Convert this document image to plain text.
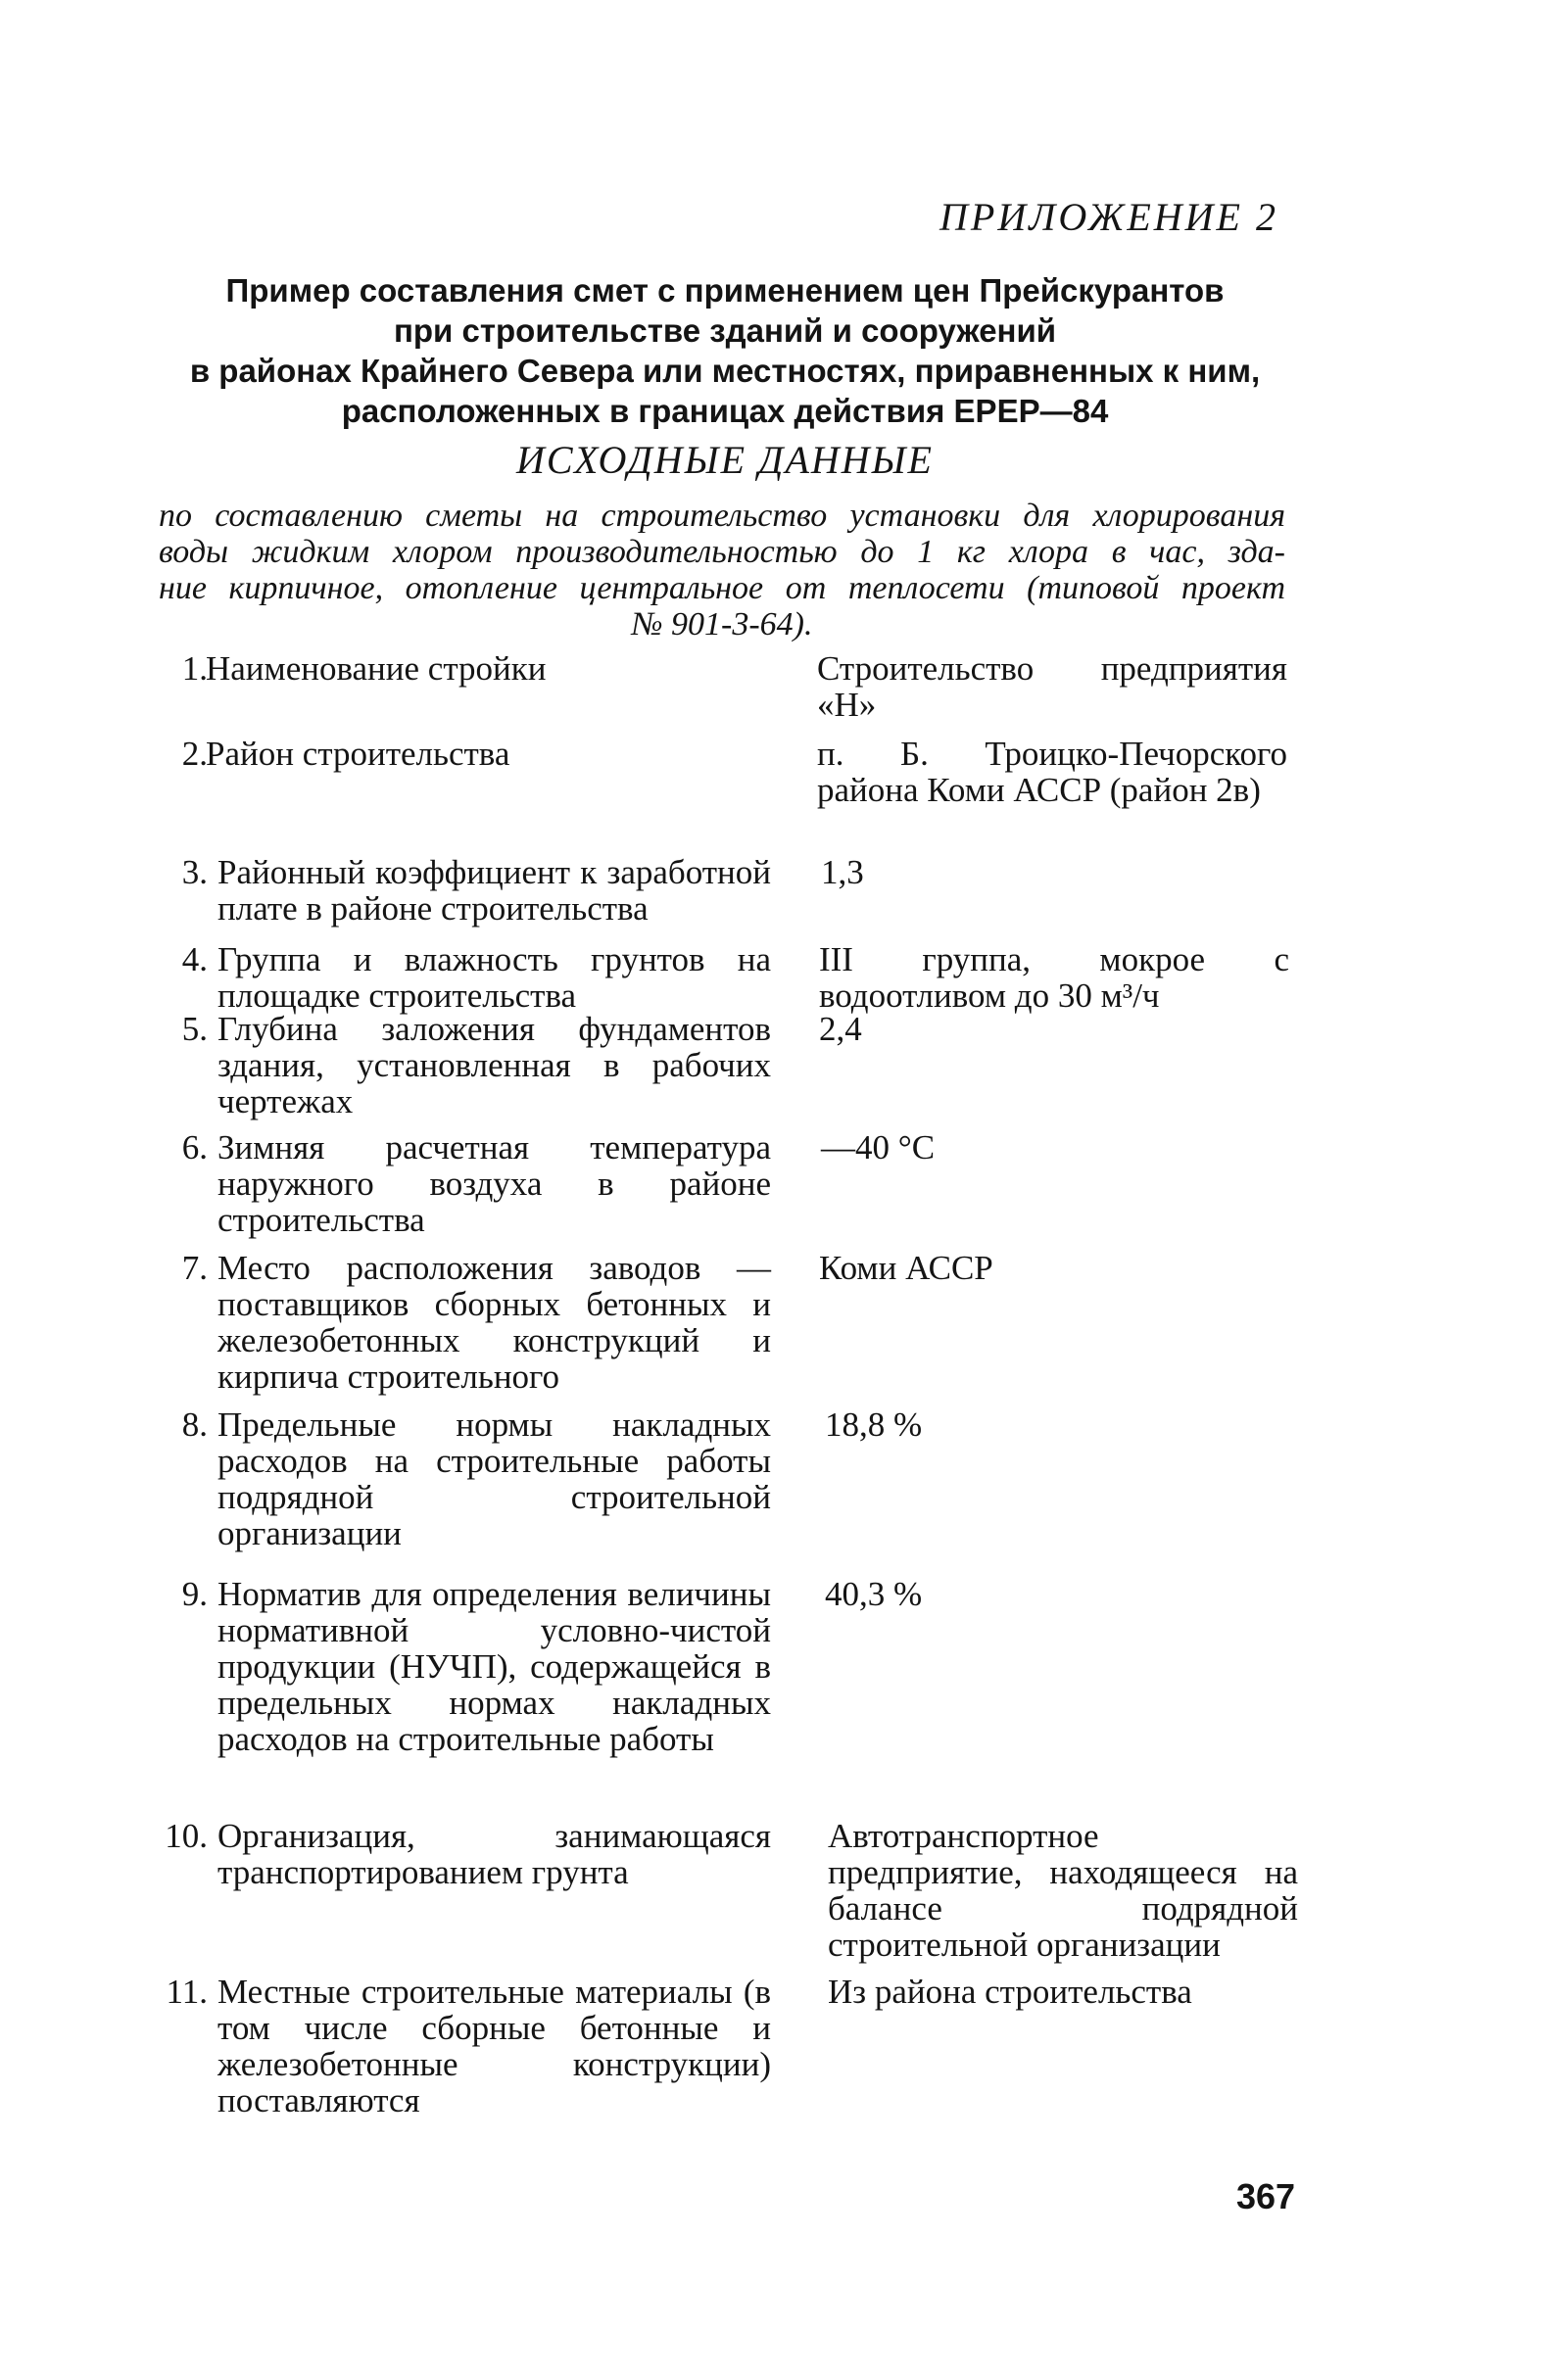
ПРИЛОЖЕНИЕ 2
Пример составления смет с применением цен Прейскурантов
при строительстве зданий и сооружений
в районах Крайнего Севера или местностях, приравненных к ним,
расположенных в границах действия ЕРЕР—84
ИСХОДНЫЕ ДАННЫЕ
по составлению сметы на строительство установки для хлорирования
воды жидким хлором производительностью до 1 кг хлора в час, зда-
ние кирпичное, отопление центральное от теплосети (типовой проект
№ 901-3-64).
1.
Наименование стройки	Строительство предприятия «Н»
2.
Район строительства	п. Б. Троицко-Печорского района Коми АССР (район 2в)
3. Районный коэффициент к заработной плате в районе строительства
1,3
4. Группа и влажность грунтов на площадке строительства
III группа, мокрое с водоотливом до 30 м³/ч
5. Глубина заложения фундаментов здания, установленная в рабочих чертежах
2,4
6. Зимняя расчетная температура наружного воздуха в районе строительства
—40 °С
7. Место расположения заводов — поставщиков сборных бетонных и железобетонных конструкций и кирпича строительного
Коми АССР
8. Предельные нормы накладных расходов на строительные работы подрядной строительной организации
18,8 %
9. Норматив для определения величины нормативной условно-чистой продукции (НУЧП), содержащейся в предельных нормах накладных расходов на строительные работы
40,3 %
10. Организация, занимающаяся транспортированием грунта
Автотранспортное предприятие, находящееся на балансе подрядной строительной организации
11. Местные строительные материалы (в том числе сборные бетонные и железобетонные конструкции) поставляются
Из района строительства
367
